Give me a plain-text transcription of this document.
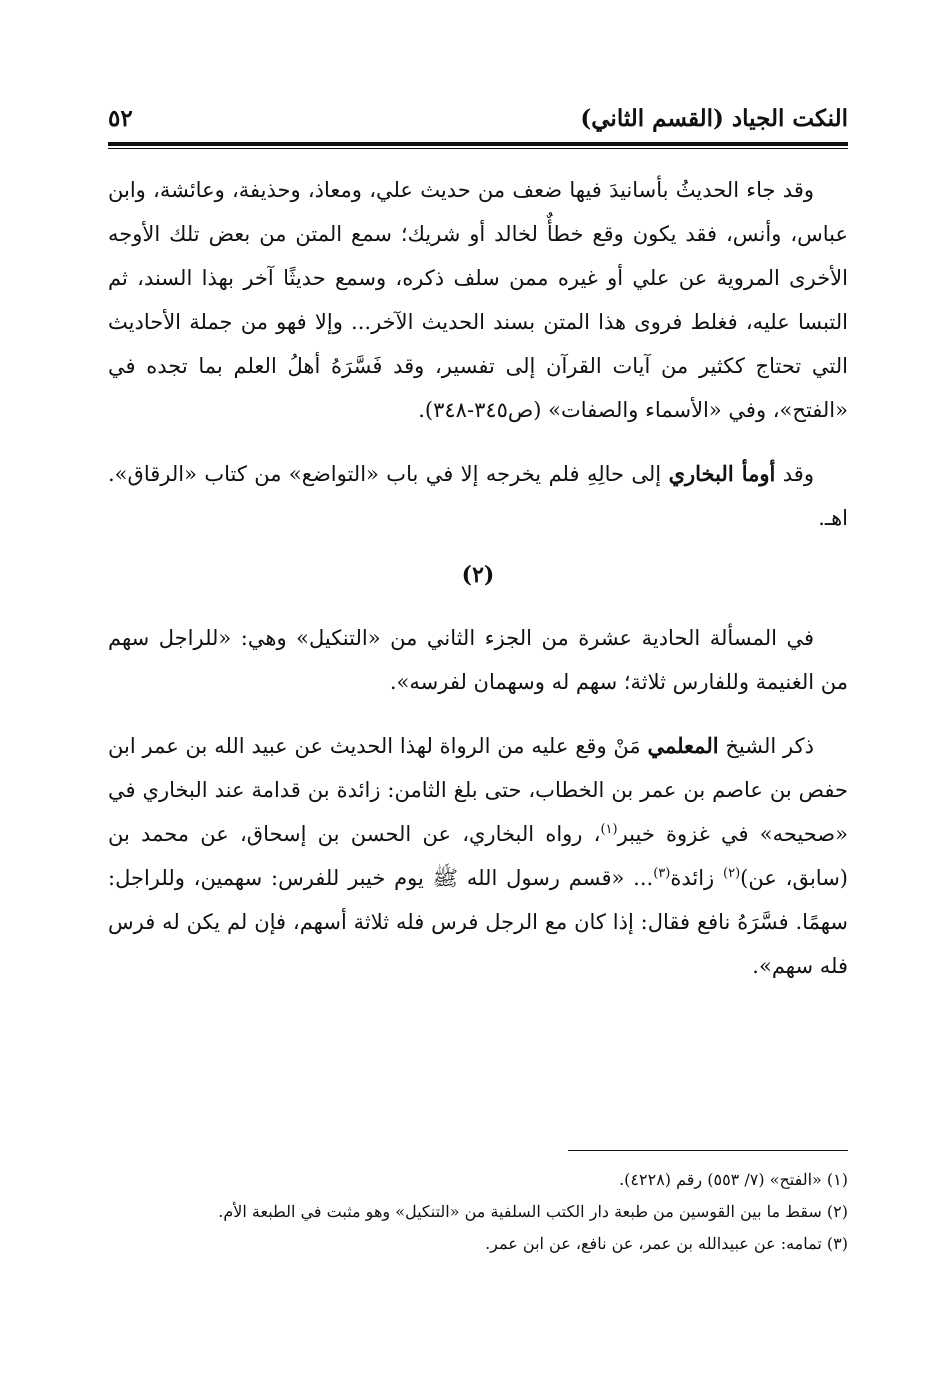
النكت الجياد (القسم الثاني)
٥٢

وقد جاء الحديثُ بأسانيدَ فيها ضعف من حديث علي، ومعاذ، وحذيفة، وعائشة، وابن عباس، وأنس، فقد يكون وقع خطأٌ لخالد أو شريك؛ سمع المتن من بعض تلك الأوجه الأخرى المروية عن علي أو غيره ممن سلف ذكره، وسمع حديثًا آخر بهذا السند، ثم التبسا عليه، فغلط فروى هذا المتن بسند الحديث الآخر... وإلا فهو من جملة الأحاديث التي تحتاج ككثير من آيات القرآن إلى تفسير، وقد فَسَّرَهُ أهلُ العلم بما تجده في «الفتح»، وفي «الأسماء والصفات» (ص٣٤٥-٣٤٨).

وقد أومأ البخاري إلى حالِهِ فلم يخرجه إلا في باب «التواضع» من كتاب «الرقاق». اهـ.

(٢)

في المسألة الحادية عشرة من الجزء الثاني من «التنكيل» وهي: «للراجل سهم من الغنيمة وللفارس ثلاثة؛ سهم له وسهمان لفرسه».

ذكر الشيخ المعلمي مَنْ وقع عليه من الرواة لهذا الحديث عن عبيد الله بن عمر ابن حفص بن عاصم بن عمر بن الخطاب، حتى بلغ الثامن: زائدة بن قدامة عند البخاري في «صحيحه» في غزوة خيبر$^{(١)}$، رواه البخاري، عن الحسن بن إسحاق، عن محمد بن (سابق، عن)$^{(٢)}$ زائدة$^{(٣)}$... «قسم رسول الله ﷺ يوم خيبر للفرس: سهمين، وللراجل: سهمًا. فسَّرَهُ نافع فقال: إذا كان مع الرجل فرس فله ثلاثة أسهم، فإن لم يكن له فرس فله سهم».

(١) «الفتح» (٧/ ٥٥٣) رقم (٤٢٢٨).

(٢) سقط ما بين القوسين من طبعة دار الكتب السلفية من «التنكيل» وهو مثبت في الطبعة الأم.

(٣) تمامه: عن عبيدالله بن عمر، عن نافع، عن ابن عمر.
